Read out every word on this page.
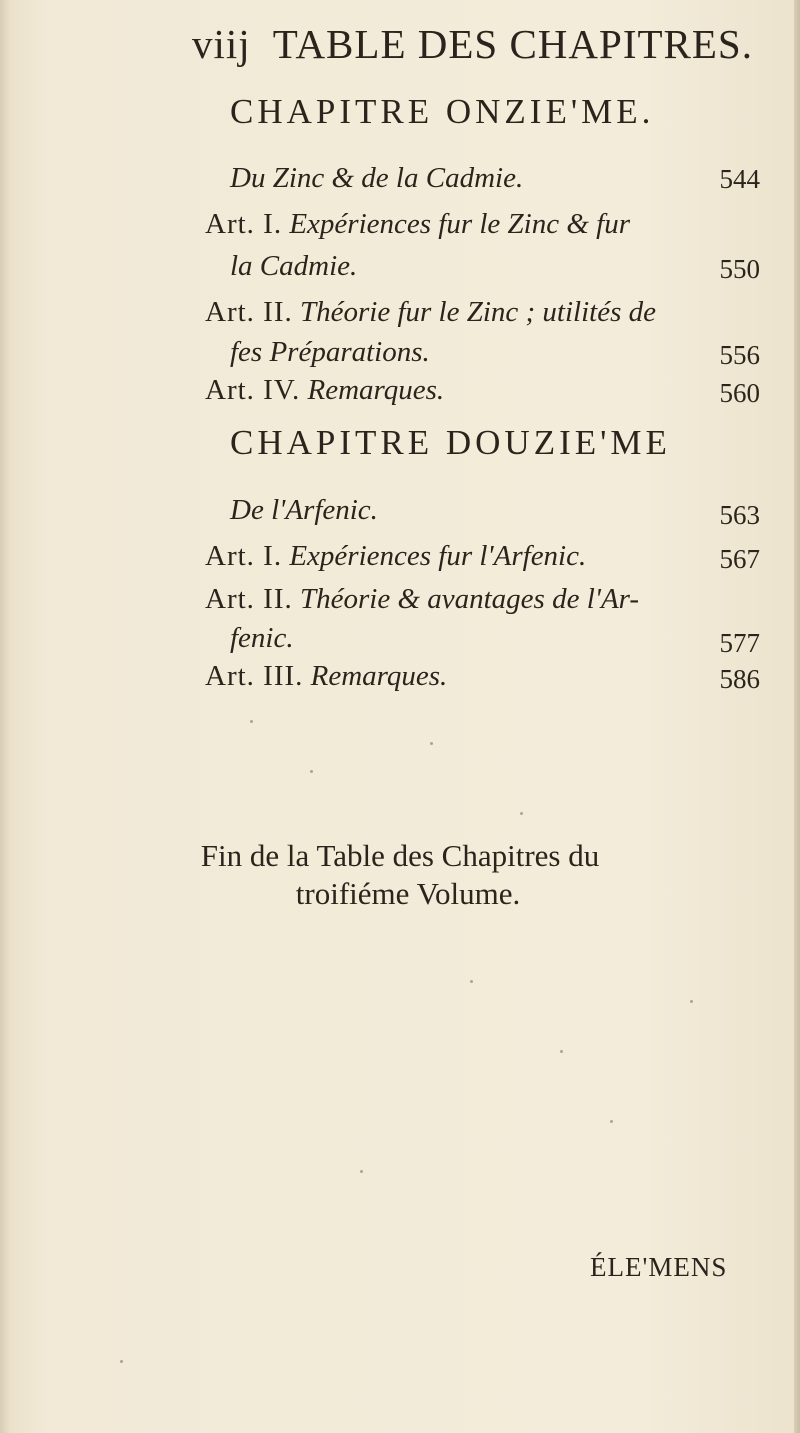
viij TABLE DES CHAPITRES.
CHAPITRE ONZIE'ME.
Du Zinc & de la Cadmie.	544
Art. I. Expériences fur le Zinc & fur
la Cadmie.	550
Art. II. Théorie fur le Zinc ; utilités de
fes Préparations.	556
Art. IV. Remarques.	560
CHAPITRE DOUZIE'ME
De l'Arfenic.	563
Art. I. Expériences fur l'Arfenic.	567
Art. II. Théorie & avantages de l'Ar-
fenic.	577
Art. III. Remarques.	586
Fin de la Table des Chapitres du
troifiéme Volume.
ÉLE'MENS
